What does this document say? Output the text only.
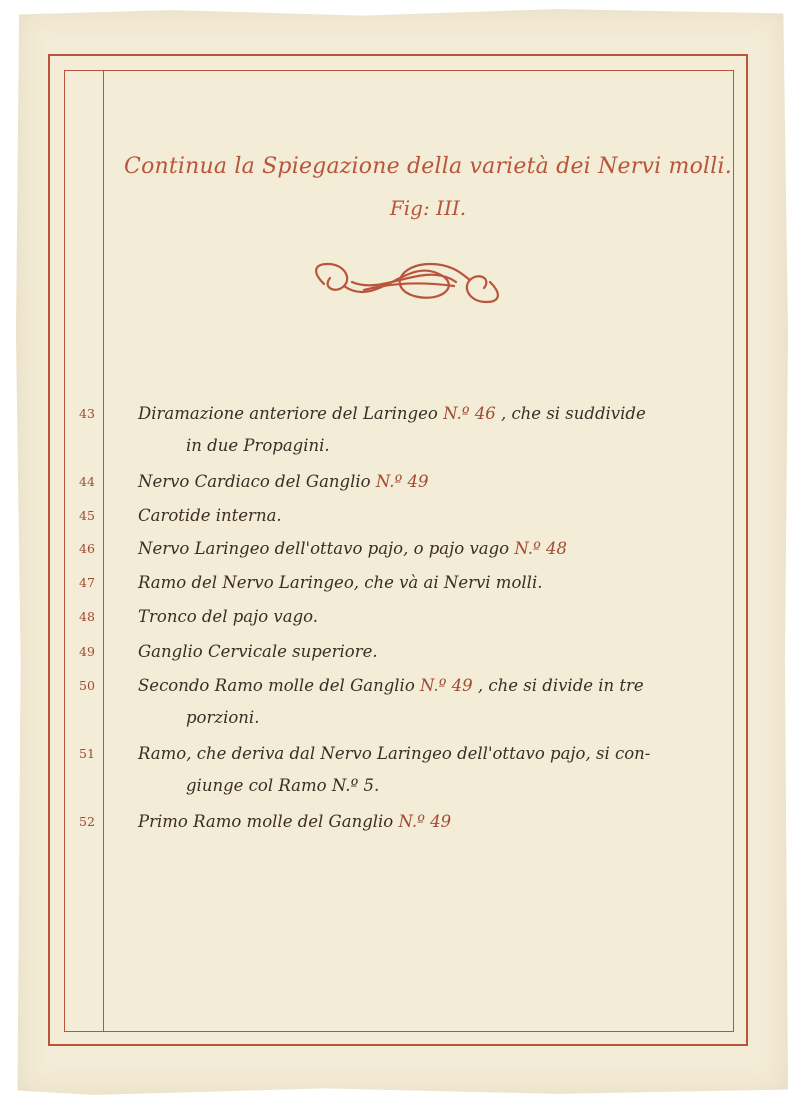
Continua la Spiegazione della varietà dei Nervi molli.
Fig: III.
43	Diramazione anteriore del Laringeo N.º 46 , che si suddivide
in due Propagini.
44	Nervo Cardiaco del Ganglio N.º 49
45	Carotide interna.
46	Nervo Laringeo dell'ottavo pajo, o pajo vago N.º 48
47	Ramo del Nervo Laringeo, che và ai Nervi molli.
48	Tronco del pajo vago.
49	Ganglio Cervicale superiore.
50	Secondo Ramo molle del Ganglio N.º 49 , che si divide in tre
porzioni.
51	Ramo, che deriva dal Nervo Laringeo dell'ottavo pajo, si con-
giunge col Ramo N.º 5.
52	Primo Ramo molle del Ganglio N.º 49
